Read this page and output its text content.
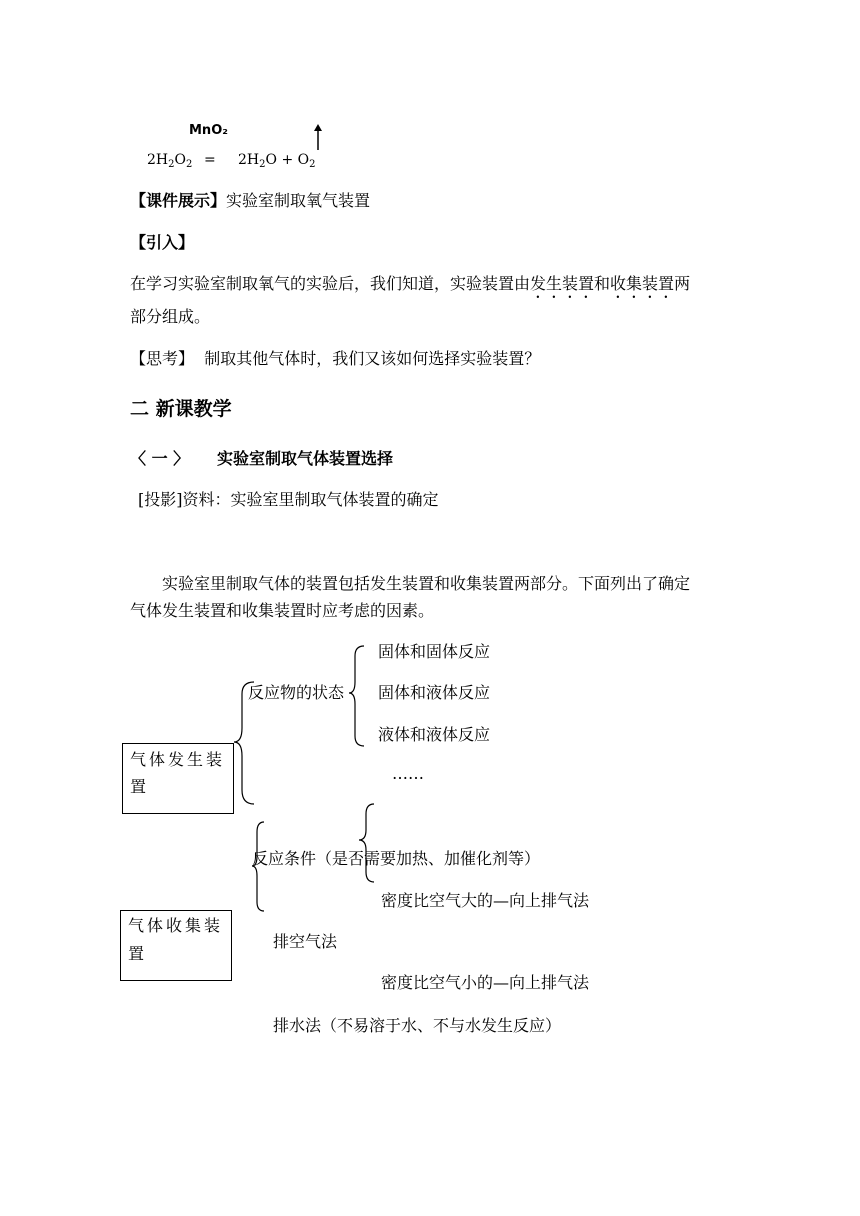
MnO₂
$2H_2O_2 = 2H_2O + O_2$
【课件展示】实验室制取氧气装置
【引入】
在学习实验室制取氧气的实验后，我们知道，实验装置由发生装置和收集装置两
部分组成。
【思考】 制取其他气体时，我们又该如何选择实验装置？
二 新课教学
〈 一 〉 实验室制取气体装置选择
[投影]资料：实验室里制取气体装置的确定
实验室里制取气体的装置包括发生装置和收集装置两部分。下面列出了确定
气体发生装置和收集装置时应考虑的因素。
气体发生装
置
反应物的状态
固体和固体反应
固体和液体反应
液体和液体反应
……
反应条件（是否需要加热、加催化剂等）
气体收集装
置
密度比空气大的—向上排气法
排空气法
密度比空气小的—向上排气法
排水法（不易溶于水、不与水发生反应）
